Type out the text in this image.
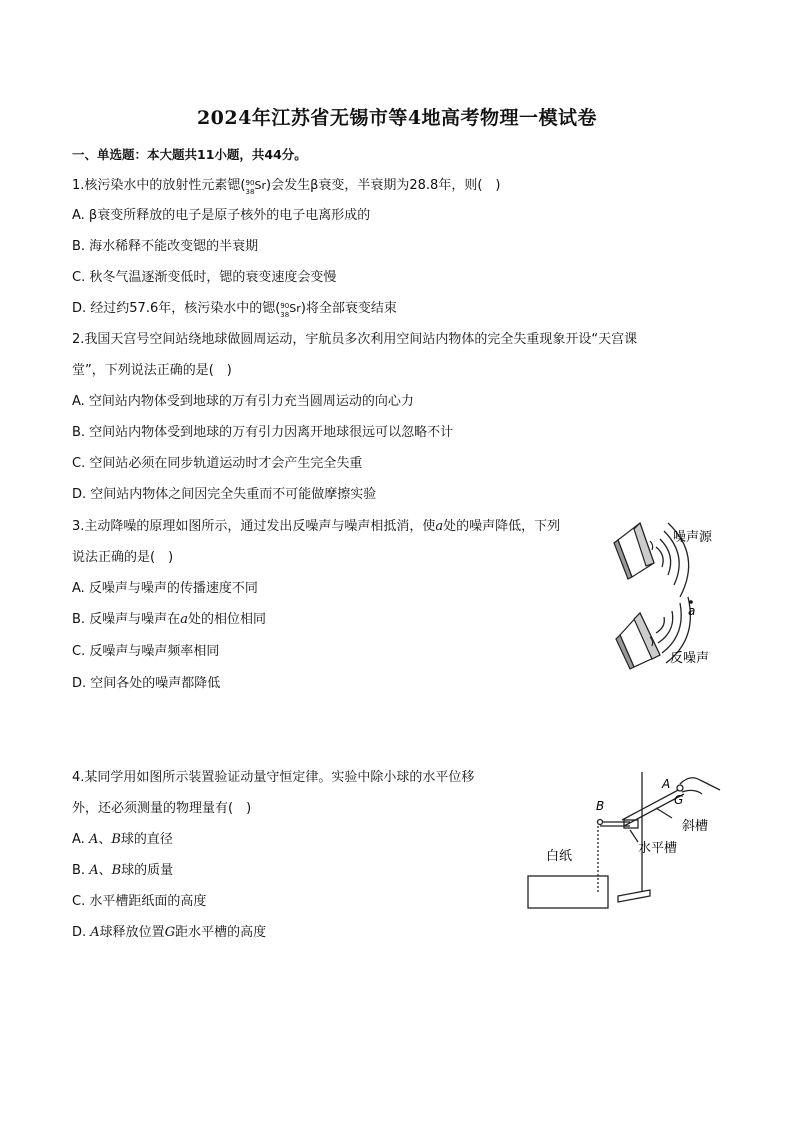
2024年江苏省无锡市等4地高考物理一模试卷
一、单选题：本大题共11小题，共44分。
1.核污染水中的放射性元素锶( 90
38 Sr)会发生β衰变，半衰期为28.8年，则(　)
A. β衰变所释放的电子是原子核外的电子电离形成的
B. 海水稀释不能改变锶的半衰期
C. 秋冬气温逐渐变低时，锶的衰变速度会变慢
D. 经过约57.6年，核污染水中的锶( 90
38 Sr)将全部衰变结束
2.我国天宫号空间站绕地球做圆周运动，宇航员多次利用空间站内物体的完全失重现象开设“天宫课
堂”，下列说法正确的是(　)
A. 空间站内物体受到地球的万有引力充当圆周运动的向心力
B. 空间站内物体受到地球的万有引力因离开地球很远可以忽略不计
C. 空间站必须在同步轨道运动时才会产生完全失重
D. 空间站内物体之间因完全失重而不可能做摩擦实验
3.主动降噪的原理如图所示，通过发出反噪声与噪声相抵消，使a处的噪声降低，下列
说法正确的是(　)
A. 反噪声与噪声的传播速度不同
B. 反噪声与噪声在a处的相位相同
C. 反噪声与噪声频率相同
D. 空间各处的噪声都降低
a
噪声源
反噪声
4.某同学用如图所示装置验证动量守恒定律。实验中除小球的水平位移
外，还必须测量的物理量有(　)
A. A、B球的直径
B. A、B球的质量
C. 水平槽距纸面的高度
D. A球释放位置G距水平槽的高度
A
G
B
斜槽
水平槽
白纸
